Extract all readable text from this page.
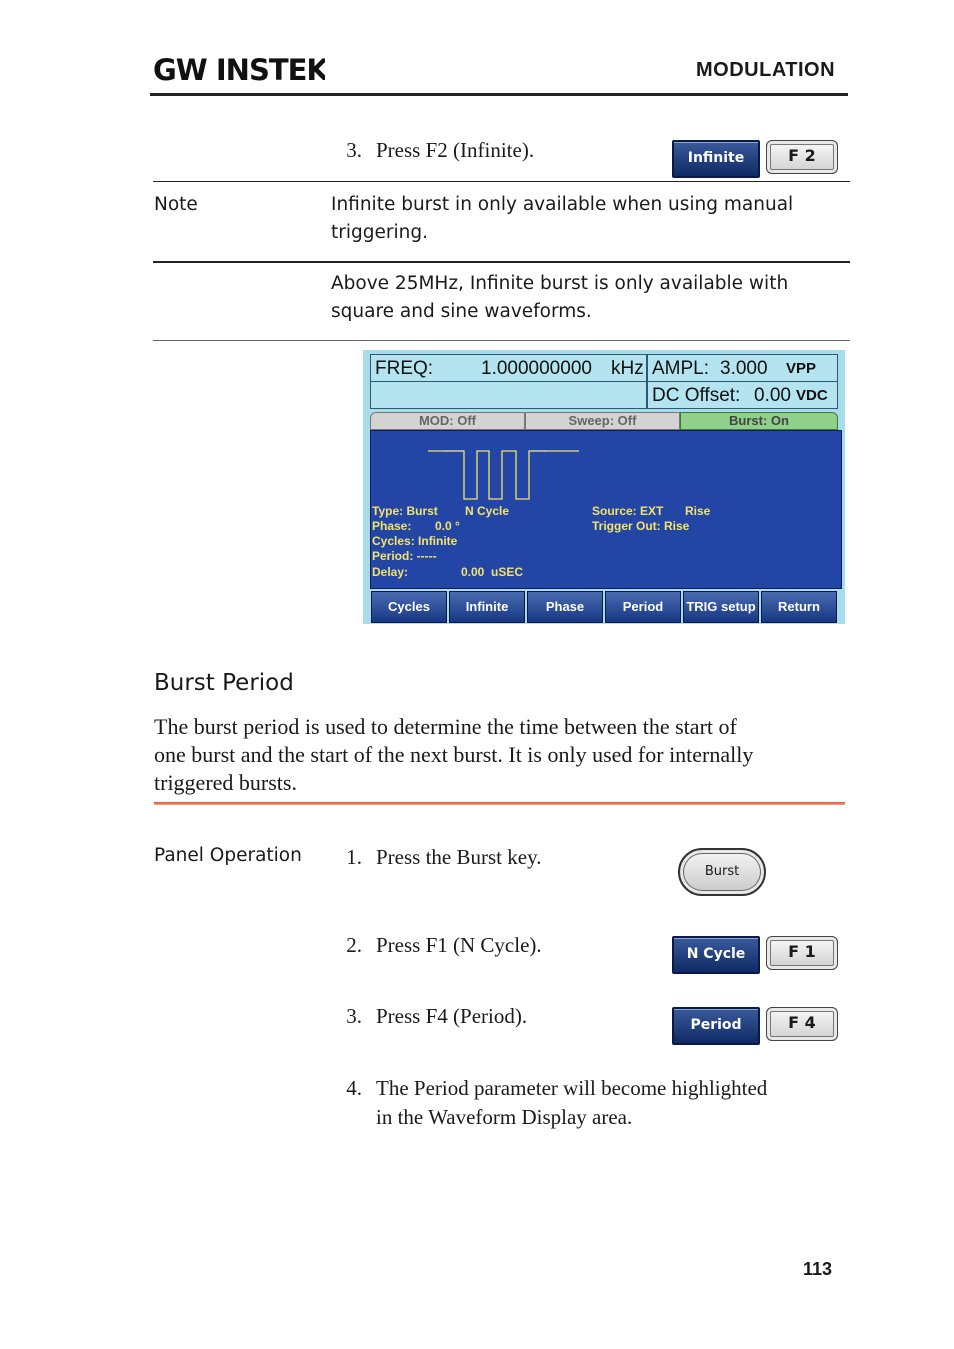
GW INSTEK	MODULATION
3. Press F2 (Infinite).	Infinite	F 2
Note	Infinite burst in only available when using manual
triggering.
Above 25MHz, Infinite burst is only available with
square and sine waveforms.
FREQ:	1.000000000 kHz AMPL: 3.000 VPP
DC Offset: 0.00 VDC
MOD: Off	Sweep: Off	Burst: On
Type: Burst N Cycle
Phase: 0.0 °
Cycles: Infinite
Period: -----
Delay:	0.00  uSEC
Source: EXT Rise
Trigger Out: Rise
Cycles	Infinite	Phase	Period	TRIG setup	Return
Burst Period
The burst period is used to determine the time between the start of
one burst and the start of the next burst. It is only used for internally
triggered bursts.
Panel Operation	1. Press the Burst key.
Burst
2. Press F1 (N Cycle).	N Cycle	F 1
3. Press F4 (Period).	Period	F 4
4. The Period parameter will become highlighted
in the Waveform Display area.
113
